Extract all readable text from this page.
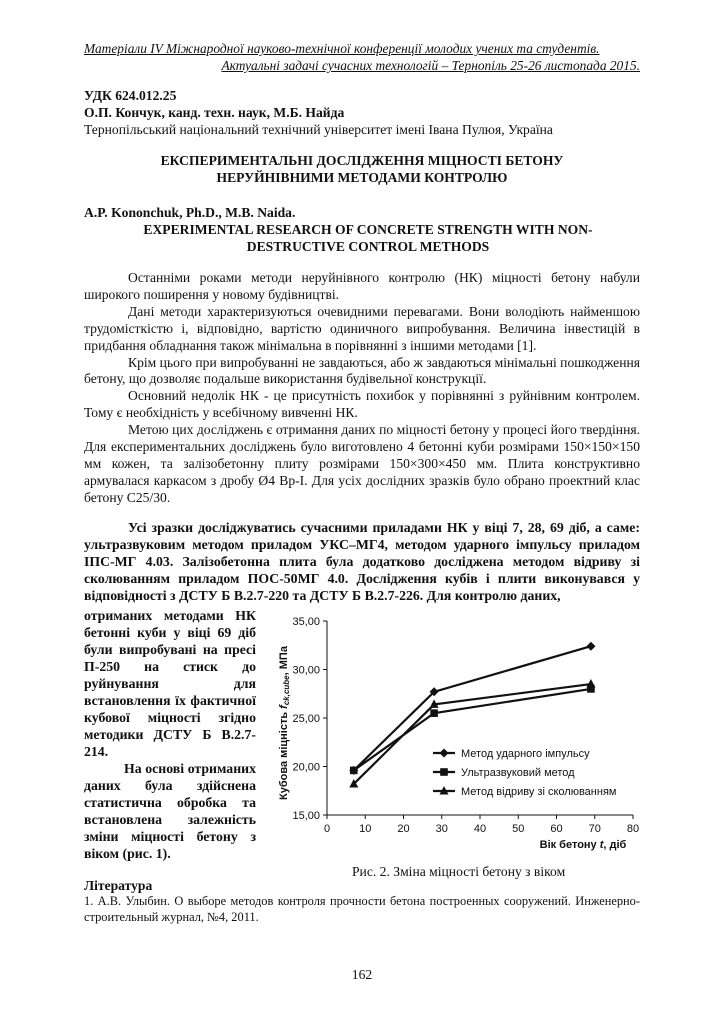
Матеріали IV Міжнародної науково-технічної конференції молодих учених та студентів.
Актуальні задачі сучасних технологій – Тернопіль 25-26 листопада 2015.
УДК 624.012.25
О.П. Кончук, канд. техн. наук, М.Б. Найда
Тернопільський національний технічний університет імені Івана Пулюя, Україна
ЕКСПЕРИМЕНТАЛЬНІ ДОСЛІДЖЕННЯ МІЦНОСТІ БЕТОНУ
НЕРУЙНІВНИМИ МЕТОДАМИ КОНТРОЛЮ
A.P. Kononchuk, Ph.D., M.B. Naida.
EXPERIMENTAL RESEARCH OF CONCRETE STRENGTH WITH NON-
DESTRUCTIVE CONTROL METHODS

Останніми роками методи неруйнівного контролю (НК) міцності бетону набули широкого поширення у новому будівництві.

Дані методи характеризуються очевидними перевагами. Вони володіють найменшою трудомісткістю і, відповідно, вартістю одиничного випробування. Величина інвестицій в придбання обладнання також мінімальна в порівнянні з іншими методами [1].

Крім цього при випробуванні не завдаються, або ж завдаються мінімальні пошкодження бетону, що дозволяє подальше використання будівельної конструкції.

Основний недолік НК - це присутність похибок у порівнянні з руйнівним контролем. Тому є необхідність у всебічному вивченні НК.

Метою цих досліджень є отримання даних по міцності бетону у процесі його твердіння. Для експериментальних досліджень було виготовлено 4 бетонні куби розмірами 150×150×150 мм кожен, та залізобетонну плиту розмірами 150×300×450 мм. Плита конструктивно армувалася каркасом з дробу Ø4 Вр-І. Для усіх дослідних зразків було обрано проектний клас бетону С25/30.

Усі зразки досліджуватись сучасними приладами НК у віці 7, 28, 69 діб, а саме: ультразвуковим методом приладом УКС–МГ4, методом ударного імпульсу приладом ІПС-МГ 4.03. Залізобетонна плита була додатково досліджена методом відриву зі сколюванням приладом ПОС-50МГ 4.0. Дослідження кубів і плити виконувався у відповідності з ДСТУ Б В.2.7-220 та ДСТУ Б В.2.7-226. Для контролю даних,

отриманих методами НК бетонні куби у віці 69 діб були випробувані на пресі П-250 на стиск до руйнування для встановлення їх фактичної кубової міцності згідно методики ДСТУ Б В.2.7-214.

На основі отриманих даних була здійснена статистична обробка та встановлена залежність зміни міцності бетону з віком (рис. 1).

Кубова міцність fck,cube, МПа
Вік бетону t, діб
15,00
20,00
25,00
30,00
35,00
0	10 20 30 40 50 60 70 80
Метод ударного імпульсу
Ультразвуковий метод
Метод відриву зі сколюванням
Рис. 2. Зміна міцності бетону з віком
Література
1. А.В. Улыбин. О выборе методов контроля прочности бетона построенных сооружений. Инженерно-строительный журнал, №4, 2011.
162
